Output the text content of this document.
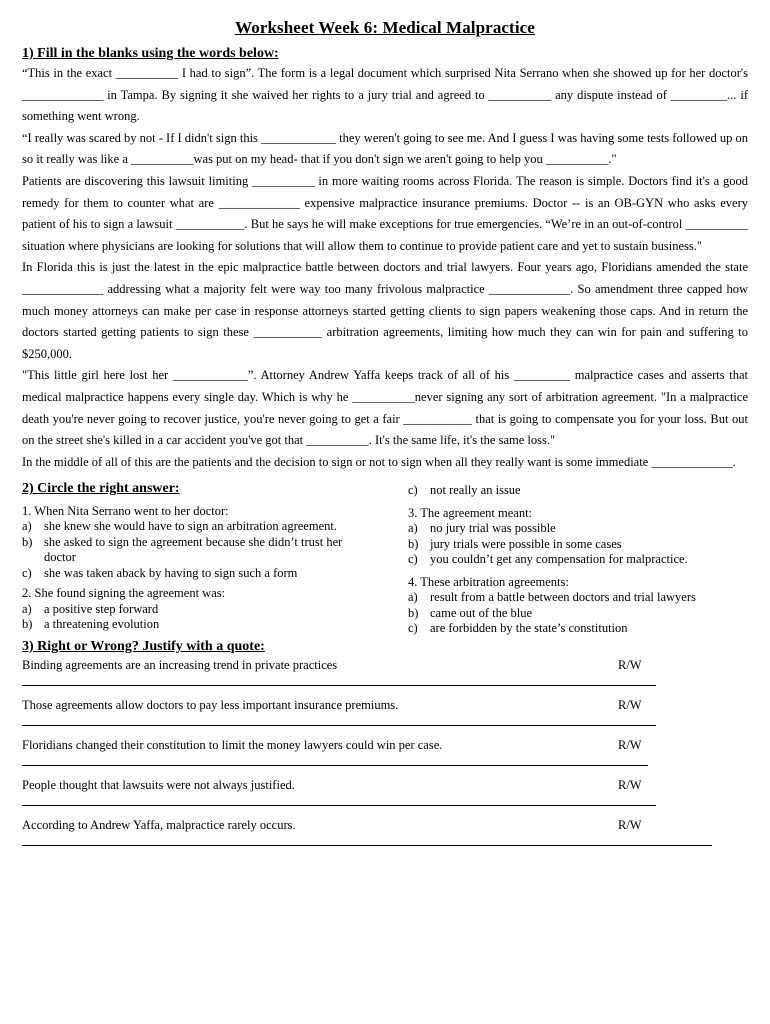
Worksheet Week 6: Medical Malpractice
1) Fill in the blanks using the words below:

“This in the exact __________ I had to sign”. The form is a legal document which surprised Nita Serrano when she showed up for her doctor's _____________ in Tampa. By signing it she waived her rights to a jury trial and agreed to __________ any dispute instead of _________... if something went wrong.

“I really was scared by not - If I didn't sign this ____________ they weren't going to see me. And I guess I was having some tests followed up on so it really was like a __________was put on my head- that if you don't sign we aren't going to help you __________."

Patients are discovering this lawsuit limiting __________ in more waiting rooms across Florida. The reason is simple. Doctors find it's a good remedy for them to counter what are _____________ expensive malpractice insurance premiums. Doctor -- is an OB-GYN who asks every patient of his to sign a lawsuit ___________. But he says he will make exceptions for true emergencies. “We’re in an out-of-control __________ situation where physicians are looking for solutions that will allow them to continue to provide patient care and yet to sustain business."

In Florida this is just the latest in the epic malpractice battle between doctors and trial lawyers. Four years ago, Floridians amended the state _____________ addressing what a majority felt were way too many frivolous malpractice _____________. So amendment three capped how much money attorneys can make per case in response attorneys started getting clients to sign papers weakening those caps. And in return the doctors started getting patients to sign these ___________ arbitration agreements, limiting how much they can win for pain and suffering to $250,000.

"This little girl here lost her ____________”. Attorney Andrew Yaffa keeps track of all of his _________ malpractice cases and asserts that medical malpractice happens every single day. Which is why he __________never signing any sort of arbitration agreement. "In a malpractice death you're never going to recover justice, you're never going to get a fair ___________ that is going to compensate you for your loss. But out on the street she's killed in a car accident you've got that __________. It's the same life, it's the same loss."

In the middle of all of this are the patients and the decision to sign or not to sign when all they really want is some immediate _____________.

2) Circle the right answer:

1. When Nita Serrano went to her doctor:

a) she knew she would have to sign an arbitration agreement.
b) she asked to sign the agreement because she didn’t trust her doctor
c) she was taken aback by having to sign such a form

2. She found signing the agreement was:

a) a positive step forward
b) a threatening evolution
c) not really an issue

3. The agreement meant:

a) no jury trial was possible
b) jury trials were possible in some cases
c) you couldn’t get any compensation for malpractice.

4. These arbitration agreements:

a) result from a battle between doctors and trial lawyers
b) came out of the blue
c) are forbidden by the state’s constitution
3) Right or Wrong? Justify with a quote:
Binding agreements are an increasing trend in private practices	R/W
Those agreements allow doctors to pay less important insurance premiums.	R/W
Floridians changed their constitution to limit the money lawyers could win per case.	R/W
People thought that lawsuits were not always justified.	R/W
According to Andrew Yaffa, malpractice rarely occurs.	R/W
